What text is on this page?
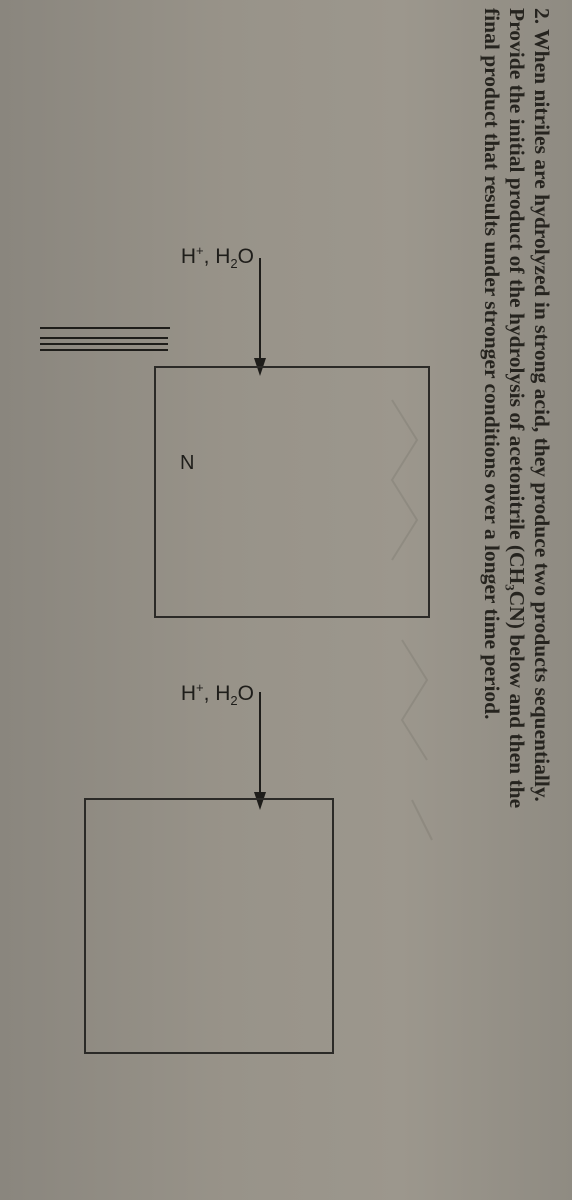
2. When nitriles are hydrolyzed in strong acid, they produce two products sequentially.
Provide the initial product of the hydrolysis of acetonitrile (CH₃CN) below and then the
final product that results under stronger conditions over a longer time period.
N
H+, $H_2O$
H+, $H_2O$
